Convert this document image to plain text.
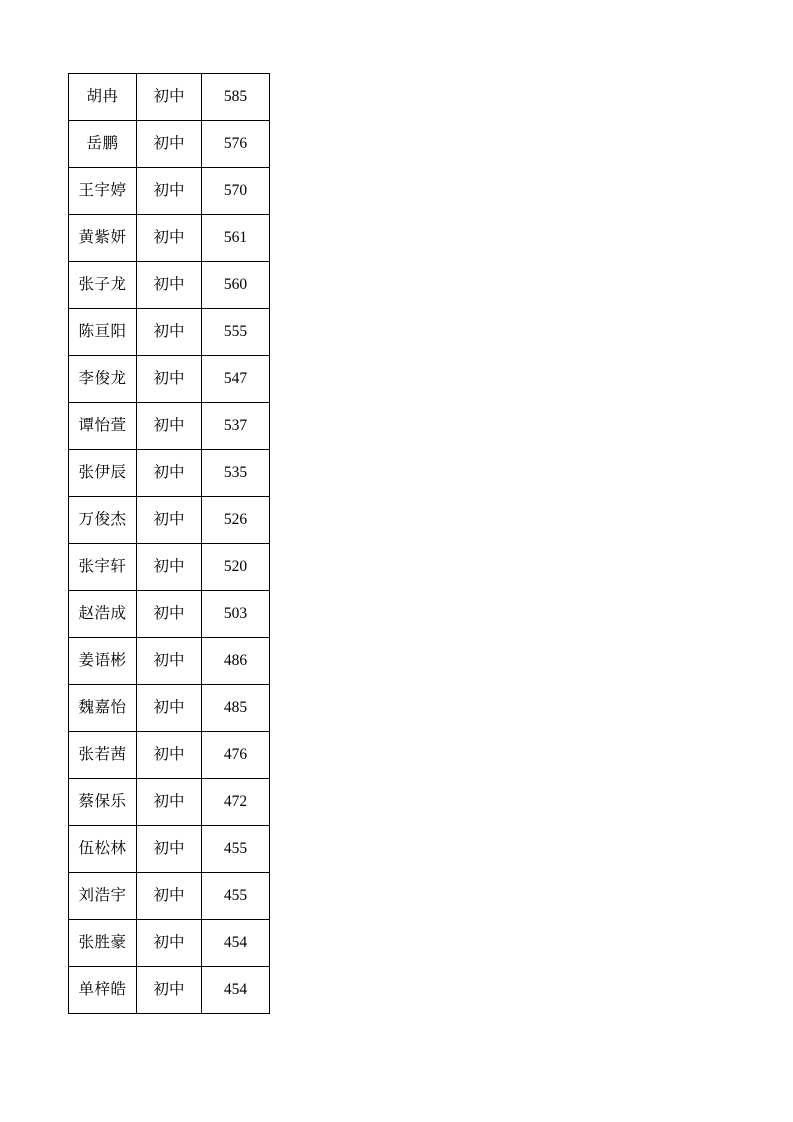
胡冉	初中	585
岳鹏	初中	576
王宇婷	初中	570
黄紫妍	初中	561
张子龙	初中	560
陈亘阳	初中	555
李俊龙	初中	547
谭怡萱	初中	537
张伊辰	初中	535
万俊杰	初中	526
张宇轩	初中	520
赵浩成	初中	503
姜语彬	初中	486
魏嘉怡	初中	485
张若茜	初中	476
蔡保乐	初中	472
伍松林	初中	455
刘浩宇	初中	455
张胜豪	初中	454
单梓皓	初中	454
